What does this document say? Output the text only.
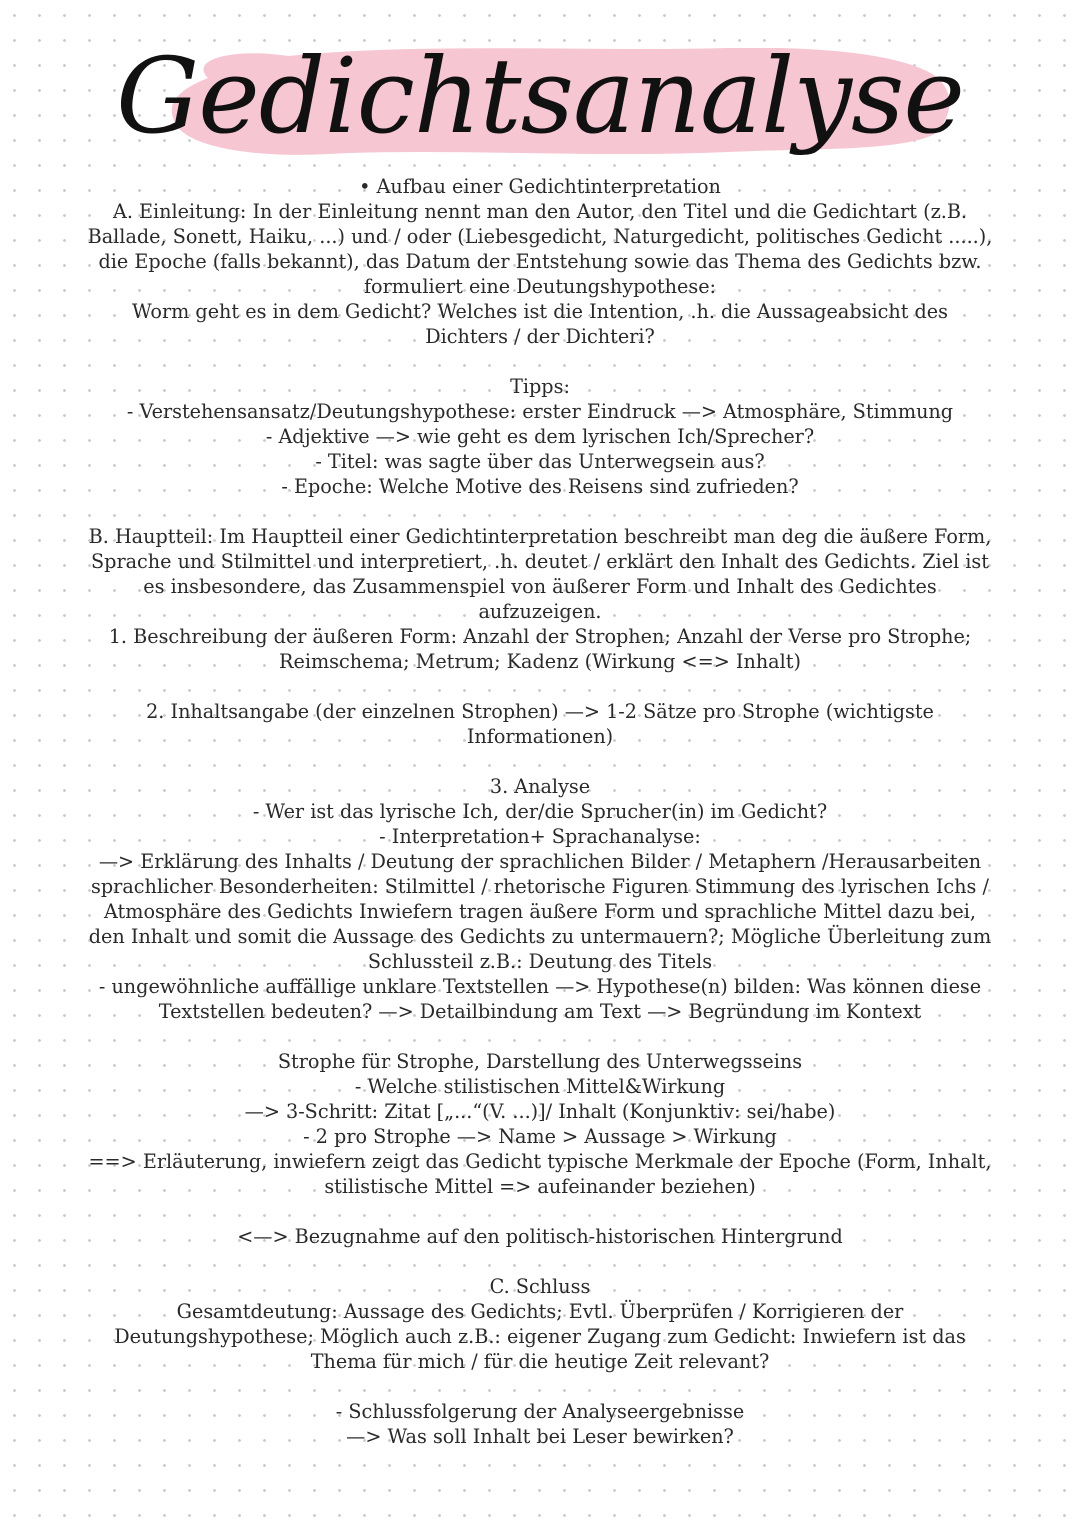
Gedichtsanalyse

• Aufbau einer Gedichtinterpretation

A. Einleitung: In der Einleitung nennt man den Autor, den Titel und die Gedichtart (z.B.

Ballade, Sonett, Haiku, ...) und / oder (Liebesgedicht, Naturgedicht, politisches Gedicht .....),

die Epoche (falls bekannt), das Datum der Entstehung sowie das Thema des Gedichts bzw.

formuliert eine Deutungshypothese:

Worm geht es in dem Gedicht? Welches ist die Intention, .h. die Aussageabsicht des

Dichters / der Dichteri?

Tipps:

- Verstehensansatz/Deutungshypothese: erster Eindruck —> Atmosphäre, Stimmung

- Adjektive —> wie geht es dem lyrischen Ich/Sprecher?

- Titel: was sagte über das Unterwegsein aus?

- Epoche: Welche Motive des Reisens sind zufrieden?

B. Hauptteil: Im Hauptteil einer Gedichtinterpretation beschreibt man deg die äußere Form,

Sprache und Stilmittel und interpretiert, .h. deutet / erklärt den Inhalt des Gedichts. Ziel ist

es insbesondere, das Zusammenspiel von äußerer Form und Inhalt des Gedichtes

aufzuzeigen.

1. Beschreibung der äußeren Form: Anzahl der Strophen; Anzahl der Verse pro Strophe;

Reimschema; Metrum; Kadenz (Wirkung <=> Inhalt)

2. Inhaltsangabe (der einzelnen Strophen) —> 1-2 Sätze pro Strophe (wichtigste

Informationen)

3. Analyse

- Wer ist das lyrische Ich, der/die Sprucher(in) im Gedicht?

- Interpretation+ Sprachanalyse:

—> Erklärung des Inhalts / Deutung der sprachlichen Bilder / Metaphern /Herausarbeiten

sprachlicher Besonderheiten: Stilmittel / rhetorische Figuren Stimmung des lyrischen Ichs /

Atmosphäre des Gedichts Inwiefern tragen äußere Form und sprachliche Mittel dazu bei,

den Inhalt und somit die Aussage des Gedichts zu untermauern?; Mögliche Überleitung zum

Schlussteil z.B.: Deutung des Titels

- ungewöhnliche auffällige unklare Textstellen —> Hypothese(n) bilden: Was können diese

Textstellen bedeuten? —> Detailbindung am Text —> Begründung im Kontext

Strophe für Strophe, Darstellung des Unterwegsseins

- Welche stilistischen Mittel&Wirkung

—> 3-Schritt: Zitat [„...“(V. ...)]/ Inhalt (Konjunktiv: sei/habe)

- 2 pro Strophe —> Name > Aussage > Wirkung

==> Erläuterung, inwiefern zeigt das Gedicht typische Merkmale der Epoche (Form, Inhalt,

stilistische Mittel => aufeinander beziehen)

<—> Bezugnahme auf den politisch-historischen Hintergrund

C. Schluss

Gesamtdeutung: Aussage des Gedichts; Evtl. Überprüfen / Korrigieren der

Deutungshypothese; Möglich auch z.B.: eigener Zugang zum Gedicht: Inwiefern ist das

Thema für mich / für die heutige Zeit relevant?

- Schlussfolgerung der Analyseergebnisse

—> Was soll Inhalt bei Leser bewirken?
